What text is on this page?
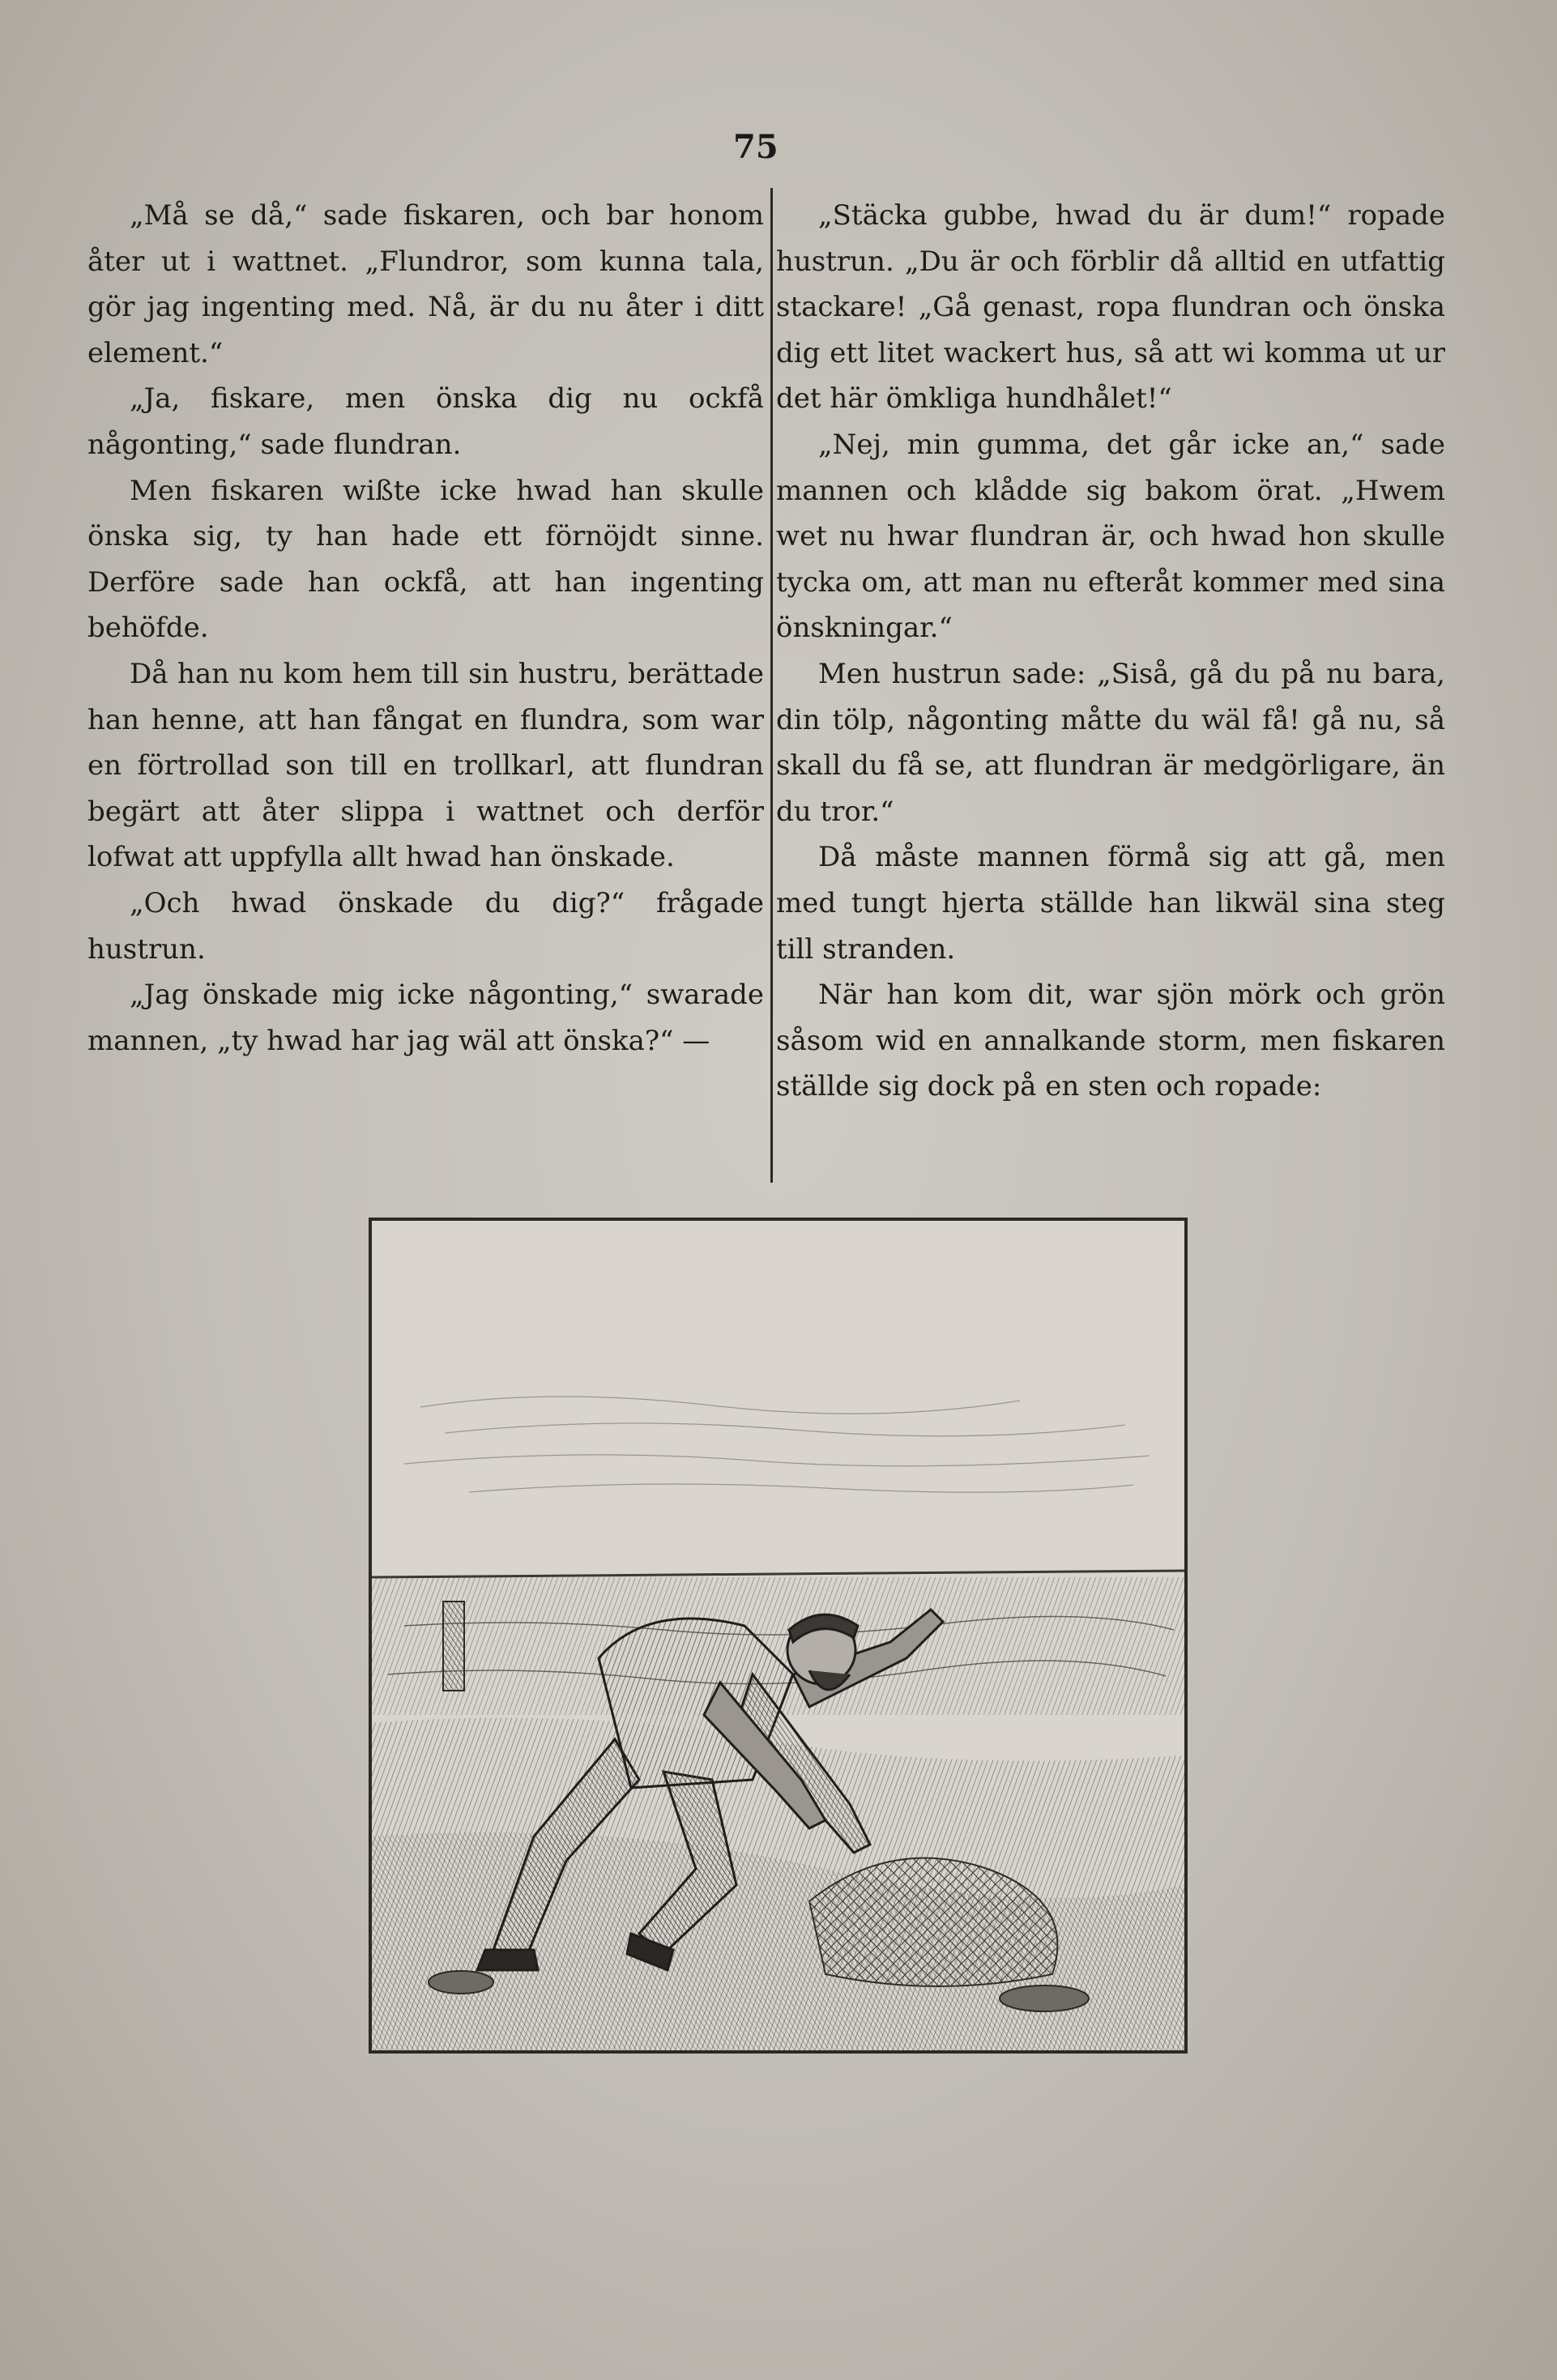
75

„Må se då,“ sade fiskaren, och bar honom åter ut i wattnet. „Flundror, som kunna tala, gör jag ingenting med. Nå, är du nu åter i ditt element.“

„Ja, fiskare, men önska dig nu ockfå någonting,“ sade flundran.

Men fiskaren wißte icke hwad han skulle önska sig, ty han hade ett förnöjdt sinne. Derföre sade han ockfå, att han ingenting behöfde.

Då han nu kom hem till sin hustru, berättade han henne, att han fångat en flundra, som war en förtrollad son till en trollkarl, att flundran begärt att åter slippa i wattnet och derför lofwat att uppfylla allt hwad han önskade.

„Och hwad önskade du dig?“ frågade hustrun.

„Jag önskade mig icke någonting,“ swarade mannen, „ty hwad har jag wäl att önska?“ —

„Stäcka gubbe, hwad du är dum!“ ropade hustrun. „Du är och förblir då alltid en utfattig stackare! „Gå genast, ropa flundran och önska dig ett litet wackert hus, så att wi komma ut ur det här ömkliga hundhålet!“

„Nej, min gumma, det går icke an,“ sade mannen och klådde sig bakom örat. „Hwem wet nu hwar flundran är, och hwad hon skulle tycka om, att man nu efteråt kommer med sina önskningar.“

Men hustrun sade: „Siså, gå du på nu bara, din tölp, någonting måtte du wäl få! gå nu, så skall du få se, att flundran är medgörligare, än du tror.“

Då måste mannen förmå sig att gå, men med tungt hjerta ställde han likwäl sina steg till stranden.

När han kom dit, war sjön mörk och grön såsom wid en annalkande storm, men fiskaren ställde sig dock på en sten och ropade:
